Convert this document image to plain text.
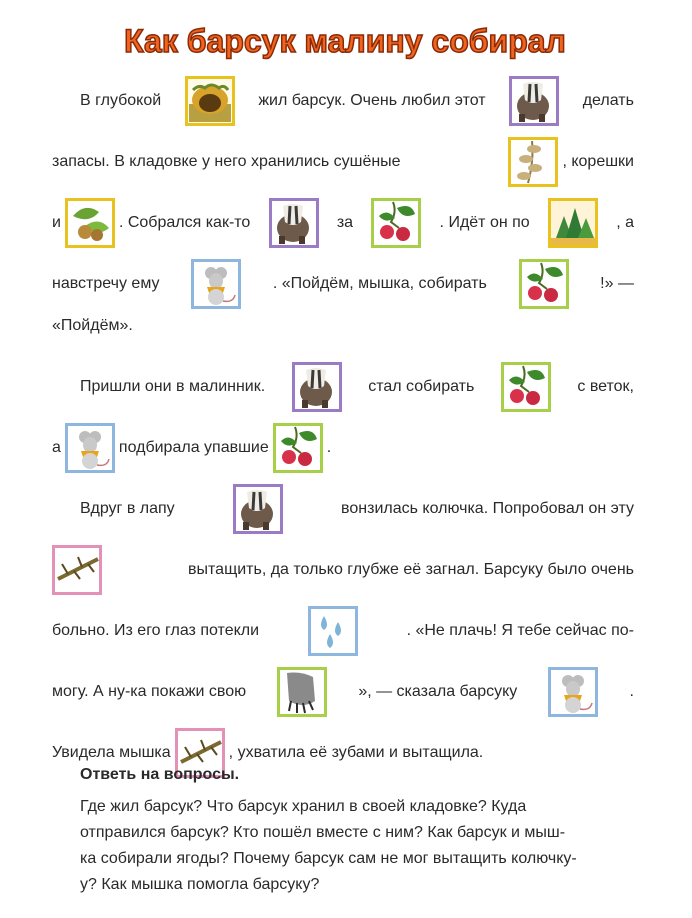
Как барсук малину собирал
В глубокой	жил барсук. Очень любил этот	делать
запасы. В кладовке у него хранились сушёные	, корешки
и	. Собрался как-то	за	. Идёт он по	, а
навстречу ему	. «Пойдём, мышка, собирать	!» —
«Пойдём».
Пришли они в малинник.	стал собирать	с веток,
а	подбирала упавшие	.
Вдруг в лапу	вонзилась колючка. Попробовал он эту
вытащить, да только глубже её загнал. Барсуку было очень
больно. Из его глаз потекли	. «Не плачь! Я тебе сейчас по-
могу. А ну-ка покажи свою	», — сказала барсуку	.
Увидела мышка	, ухватила её зубами и вытащила.
Ответь на вопросы.

Где жил барсук? Что барсук хранил в своей кладовке? Куда
отправился барсук? Кто пошёл вместе с ним? Как барсук и мыш-
ка собирали ягоды? Почему барсук сам не мог вытащить колючку-
у? Как мышка помогла барсуку?
